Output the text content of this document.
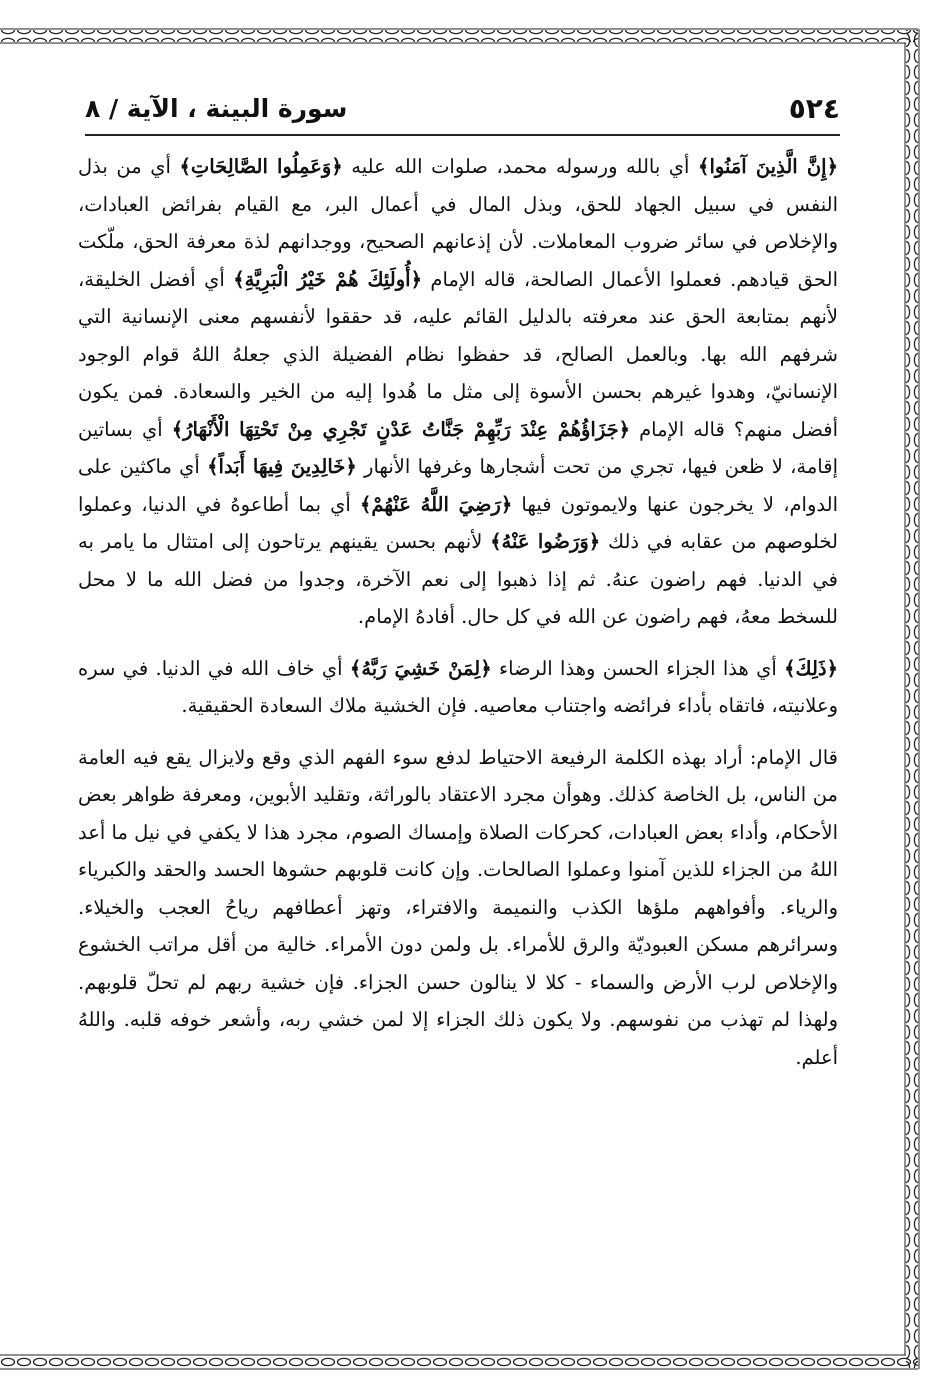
٥٢٤
سورة البينة ، الآية / ٨

﴿إِنَّ الَّذِينَ آمَنُوا﴾ أي بالله ورسوله محمد، صلوات الله عليه ﴿وَعَمِلُوا الصَّالِحَاتِ﴾ أي من بذل النفس في سبيل الجهاد للحق، وبذل المال في أعمال البر، مع القيام بفرائض العبادات، والإخلاص في سائر ضروب المعاملات. لأن إذعانهم الصحيح، ووجدانهم لذة معرفة الحق، ملّكت الحق قيادهم. فعملوا الأعمال الصالحة، قاله الإمام ﴿أُولَئِكَ هُمْ خَيْرُ الْبَرِيَّةِ﴾ أي أفضل الخليقة، لأنهم بمتابعة الحق عند معرفته بالدليل القائم عليه، قد حققوا لأنفسهم معنى الإنسانية التي شرفهم الله بها. وبالعمل الصالح، قد حفظوا نظام الفضيلة الذي جعلهُ اللهُ قوام الوجود الإنسانيّ، وهدوا غيرهم بحسن الأسوة إلى مثل ما هُدوا إليه من الخير والسعادة. فمن يكون أفضل منهم؟ قاله الإمام ﴿جَزَاؤُهُمْ عِنْدَ رَبِّهِمْ جَنَّاتُ عَدْنٍ تَجْرِي مِنْ تَحْتِهَا الْأَنْهَارُ﴾ أي بساتين إقامة، لا ظعن فيها، تجري من تحت أشجارها وغرفها الأنهار ﴿خَالِدِينَ فِيهَا أَبَداً﴾ أي ماكثين على الدوام، لا يخرجون عنها ولايموتون فيها ﴿رَضِيَ اللَّهُ عَنْهُمْ﴾ أي بما أطاعوهُ في الدنيا، وعملوا لخلوصهم من عقابه في ذلك ﴿وَرَضُوا عَنْهُ﴾ لأنهم بحسن يقينهم يرتاحون إلى امتثال ما يامر به في الدنيا. فهم راضون عنهُ. ثم إذا ذهبوا إلى نعم الآخرة، وجدوا من فضل الله ما لا محل للسخط معهُ، فهم راضون عن الله في كل حال. أفادهُ الإمام.

﴿ذَلِكَ﴾ أي هذا الجزاء الحسن وهذا الرضاء ﴿لِمَنْ خَشِيَ رَبَّهُ﴾ أي خاف الله في الدنيا. في سره وعلانيته، فاتقاه بأداء فرائضه واجتناب معاصيه. فإن الخشية ملاك السعادة الحقيقية.

قال الإمام: أراد بهذه الكلمة الرفيعة الاحتياط لدفع سوء الفهم الذي وقع ولايزال يقع فيه العامة من الناس، بل الخاصة كذلك. وهوأن مجرد الاعتقاد بالوراثة، وتقليد الأبوين، ومعرفة ظواهر بعض الأحكام، وأداء بعض العبادات، كحركات الصلاة وإمساك الصوم، مجرد هذا لا يكفي في نيل ما أعد اللهُ من الجزاء للذين آمنوا وعملوا الصالحات. وإن كانت قلوبهم حشوها الحسد والحقد والكبرياء والرياء. وأفواههم ملؤها الكذب والنميمة والافتراء، وتهز أعطافهم رياحُ العجب والخيلاء. وسرائرهم مسكن العبوديّة والرق للأمراء. بل ولمن دون الأمراء. خالية من أقل مراتب الخشوع والإخلاص لرب الأرض والسماء - كلا لا ينالون حسن الجزاء. فإن خشية ربهم لم تحلّ قلوبهم. ولهذا لم تهذب من نفوسهم. ولا يكون ذلك الجزاء إلا لمن خشي ربه، وأشعر خوفه قلبه. واللهُ أعلم.
